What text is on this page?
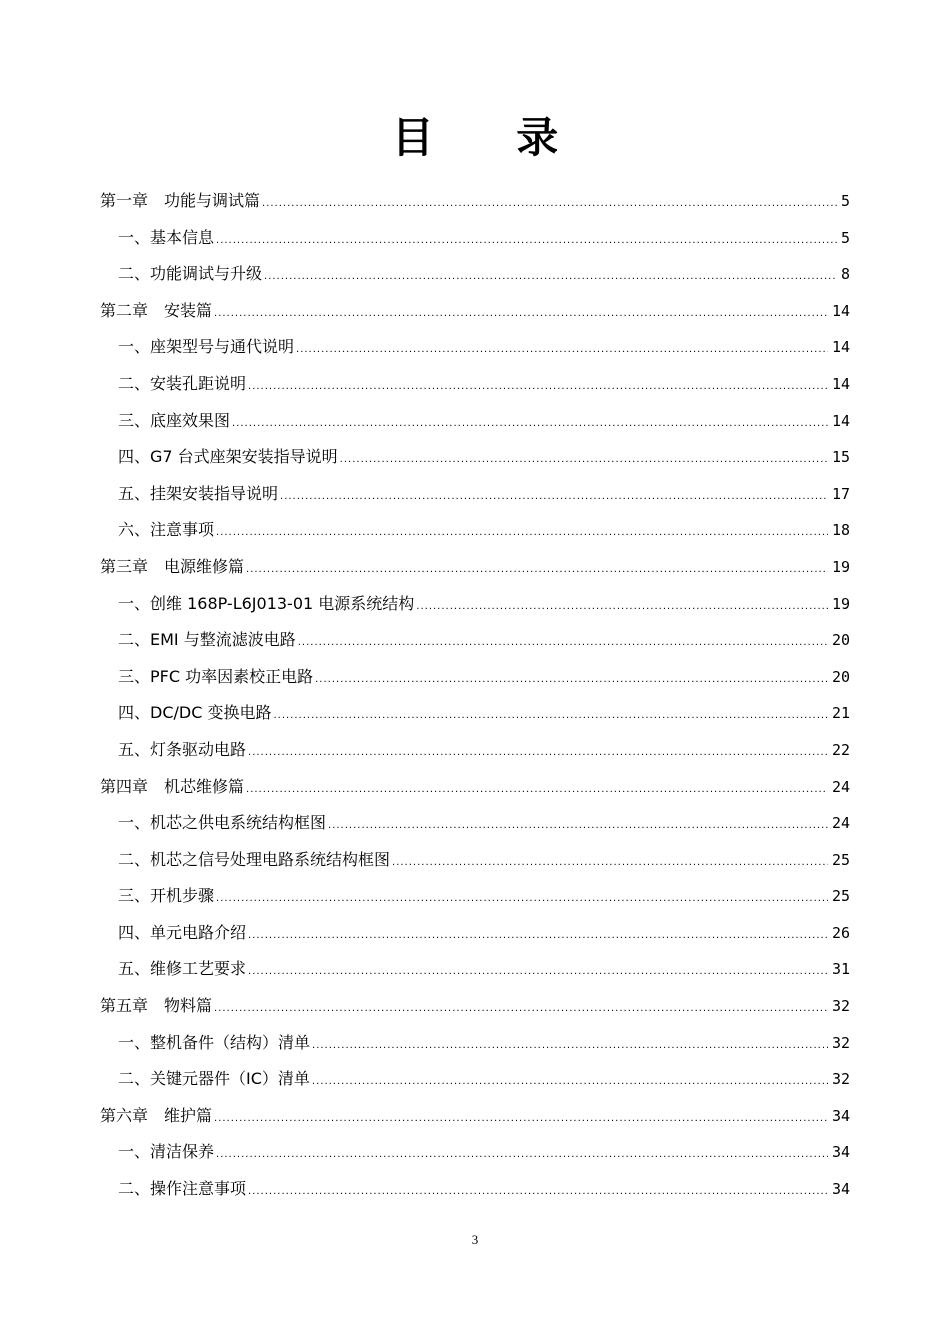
目 录
第一章　功能与调试篇 .....	5
一、基本信息 .....	5
二、功能调试与升级 .....	8
第二章　安装篇 .....	14
一、座架型号与通代说明 .....	14
二、安装孔距说明 .....	14
三、底座效果图 .....	14
四、G7 台式座架安装指导说明 .....	15
五、挂架安装指导说明 .....	17
六、注意事项 .....	18
第三章　电源维修篇 .....	19
一、创维 168P-L6J013-01 电源系统结构 .....	19
二、EMI 与整流滤波电路 .....	20
三、PFC 功率因素校正电路 .....	20
四、DC/DC 变换电路 .....	21
五、灯条驱动电路 .....	22
第四章　机芯维修篇 .....	24
一、机芯之供电系统结构框图 .....	24
二、机芯之信号处理电路系统结构框图 .....	25
三、开机步骤 .....	25
四、单元电路介绍 .....	26
五、维修工艺要求 .....	31
第五章　物料篇 .....	32
一、整机备件（结构）清单 .....	32
二、关键元器件（IC）清单 .....	32
第六章　维护篇 .....	34
一、清洁保养 .....	34
二、操作注意事项 .....	34
3
